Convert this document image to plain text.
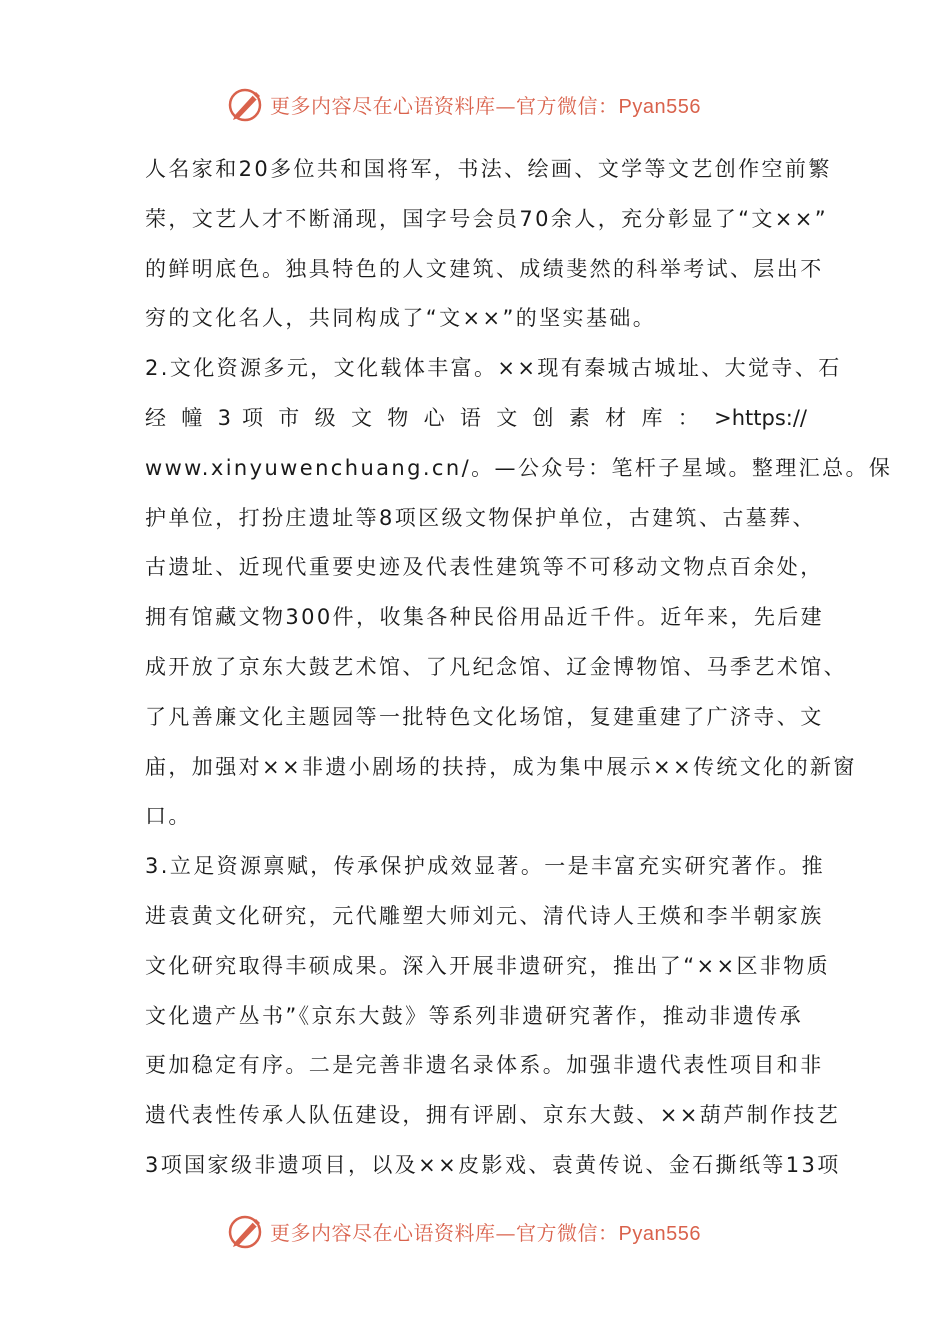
更多内容尽在心语资料库—官方微信：Pyan556
人名家和20多位共和国将军，书法、绘画、文学等文艺创作空前繁
荣，文艺人才不断涌现，国字号会员70余人，充分彰显了“文××”
的鲜明底色。独具特色的人文建筑、成绩斐然的科举考试、层出不
穷的文化名人，共同构成了“文××”的坚实基础。
2.文化资源多元，文化载体丰富。××现有秦城古城址、大觉寺、石
经 幢 3 项 市 级 文 物 心 语 文 创 素 材 库 ： >https://
www.xinyuwenchuang.cn/。—公众号：笔杆子星域。整理汇总。保
护单位，打扮庄遗址等8项区级文物保护单位，古建筑、古墓葬、
古遗址、近现代重要史迹及代表性建筑等不可移动文物点百余处，
拥有馆藏文物300件，收集各种民俗用品近千件。近年来，先后建
成开放了京东大鼓艺术馆、了凡纪念馆、辽金博物馆、马季艺术馆、
了凡善廉文化主题园等一批特色文化场馆，复建重建了广济寺、文
庙，加强对××非遗小剧场的扶持，成为集中展示××传统文化的新窗
口。
3.立足资源禀赋，传承保护成效显著。一是丰富充实研究著作。推
进袁黄文化研究，元代雕塑大师刘元、清代诗人王煐和李半朝家族
文化研究取得丰硕成果。深入开展非遗研究，推出了“××区非物质
文化遗产丛书”《京东大鼓》等系列非遗研究著作，推动非遗传承
更加稳定有序。二是完善非遗名录体系。加强非遗代表性项目和非
遗代表性传承人队伍建设，拥有评剧、京东大鼓、××葫芦制作技艺
3项国家级非遗项目，以及××皮影戏、袁黄传说、金石撕纸等13项
更多内容尽在心语资料库—官方微信：Pyan556
